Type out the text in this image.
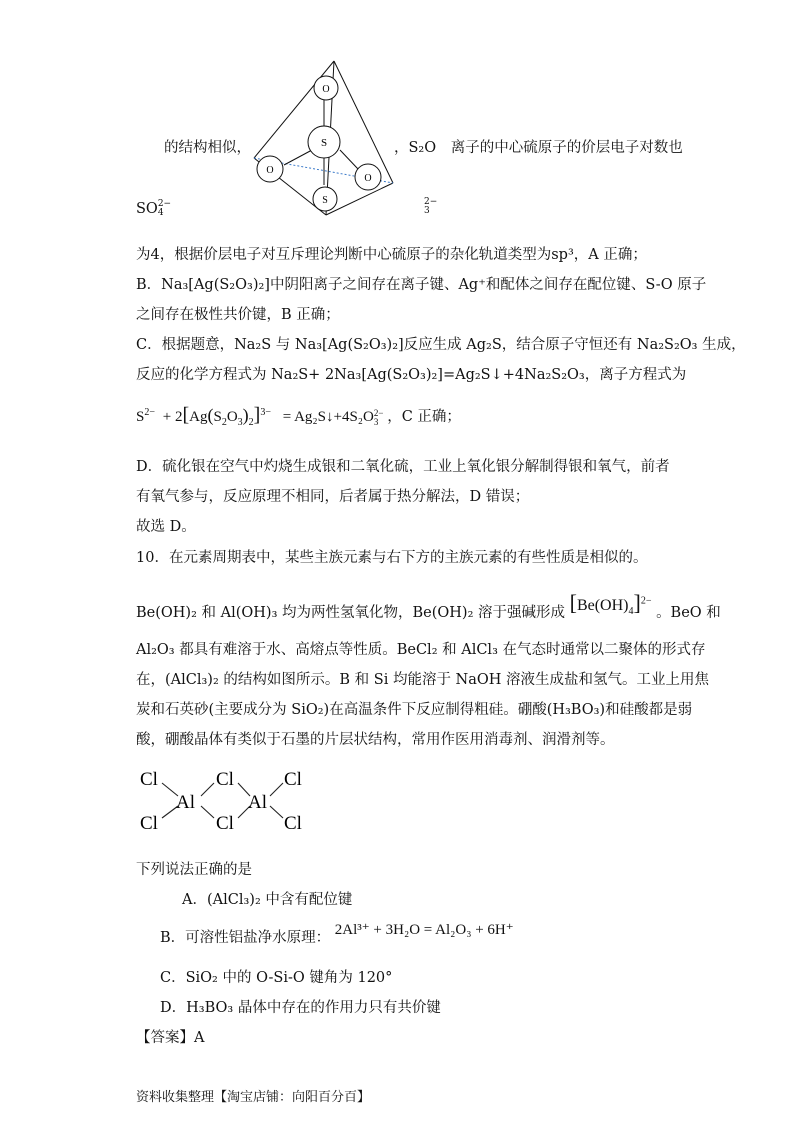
O
S
O
O
S
的结构相似，	，S₂O 离子的中心硫原子的价层电子对数也
SO 2−
4
2−
3
为4，根据价层电子对互斥理论判断中心硫原子的杂化轨道类型为sp³，A 正确；
B．Na₃[Ag(S₂O₃)₂]中阴阳离子之间存在离子键、Ag⁺和配体之间存在配位键、S-O 原子
之间存在极性共价键，B 正确；
C．根据题意，Na₂S 与 Na₃[Ag(S₂O₃)₂]反应生成 Ag₂S，结合原子守恒还有 Na₂S₂O₃ 生成，
反应的化学方程式为 Na₂S+ 2Na₃[Ag(S₂O₃)₂]=Ag₂S↓+4Na₂S₂O₃，离子方程式为
$S^{2-} + 2[Ag(S_2O_3)_2]^{3-}$ = Ag₂S↓+4S₂O 2−
3 ，C 正确；
D．硫化银在空气中灼烧生成银和二氧化硫，工业上氧化银分解制得银和氧气，前者
有氧气参与，反应原理不相同，后者属于热分解法，D 错误；
故选 D。
10．在元素周期表中，某些主族元素与右下方的主族元素的有些性质是相似的。
Be(OH)₂ 和 Al(OH)₃ 均为两性氢氧化物，Be(OH)₂ 溶于强碱形成 $[Be(OH)_4]^{2-}$ 。BeO 和
Al₂O₃ 都具有难溶于水、高熔点等性质。BeCl₂ 和 AlCl₃ 在气态时通常以二聚体的形式存
在，(AlCl₃)₂ 的结构如图所示。B 和 Si 均能溶于 NaOH 溶液生成盐和氢气。工业上用焦
炭和石英砂(主要成分为 SiO₂)在高温条件下反应制得粗硅。硼酸(H₃BO₃)和硅酸都是弱
酸，硼酸晶体有类似于石墨的片层状结构，常用作医用消毒剂、润滑剂等。
Cl	Cl	Cl
Al	Al
Cl	Cl	Cl
下列说法正确的是
A．(AlCl₃)₂ 中含有配位键
B．可溶性铝盐净水原理： 2Al³⁺ + 3H₂O = Al₂O₃ + 6H⁺
C．SiO₂ 中的 O-Si-O 键角为 120°
D．H₃BO₃ 晶体中存在的作用力只有共价键
【答案】A
资料收集整理【淘宝店铺：向阳百分百】
